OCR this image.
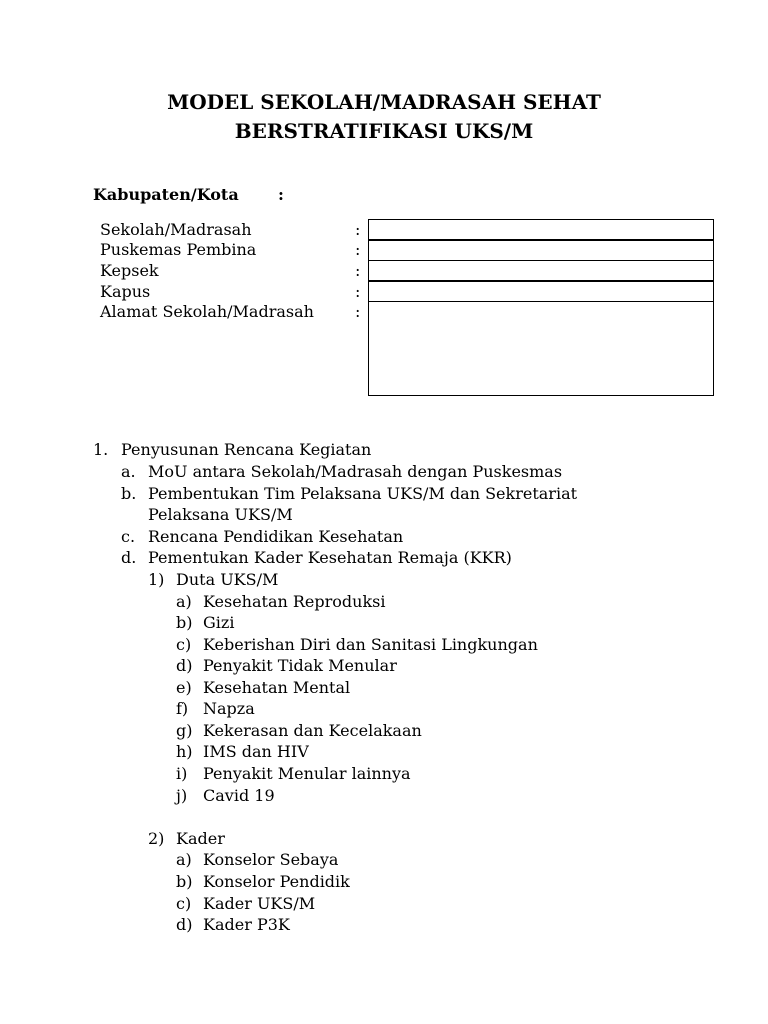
MODEL SEKOLAH/MADRASAH SEHAT
BERSTRATIFIKASI UKS/M
Kabupaten/Kota :
Sekolah/Madrasah	:
Puskemas Pembina	:
Kepsek	:
Kapus	:
Alamat Sekolah/Madrasah	:
1. Penyusunan Rencana Kegiatan
a. MoU antara Sekolah/Madrasah dengan Puskesmas
b. Pembentukan Tim Pelaksana UKS/M dan Sekretariat
Pelaksana UKS/M
c. Rencana Pendidikan Kesehatan
d. Pementukan Kader Kesehatan Remaja (KKR)
1) Duta UKS/M
a) Kesehatan Reproduksi
b) Gizi
c) Keberishan Diri dan Sanitasi Lingkungan
d) Penyakit Tidak Menular
e) Kesehatan Mental
f) Napza
g) Kekerasan dan Kecelakaan
h) IMS dan HIV
i) Penyakit Menular lainnya
j) Cavid 19
2) Kader
a) Konselor Sebaya
b) Konselor Pendidik
c) Kader UKS/M
d) Kader P3K
